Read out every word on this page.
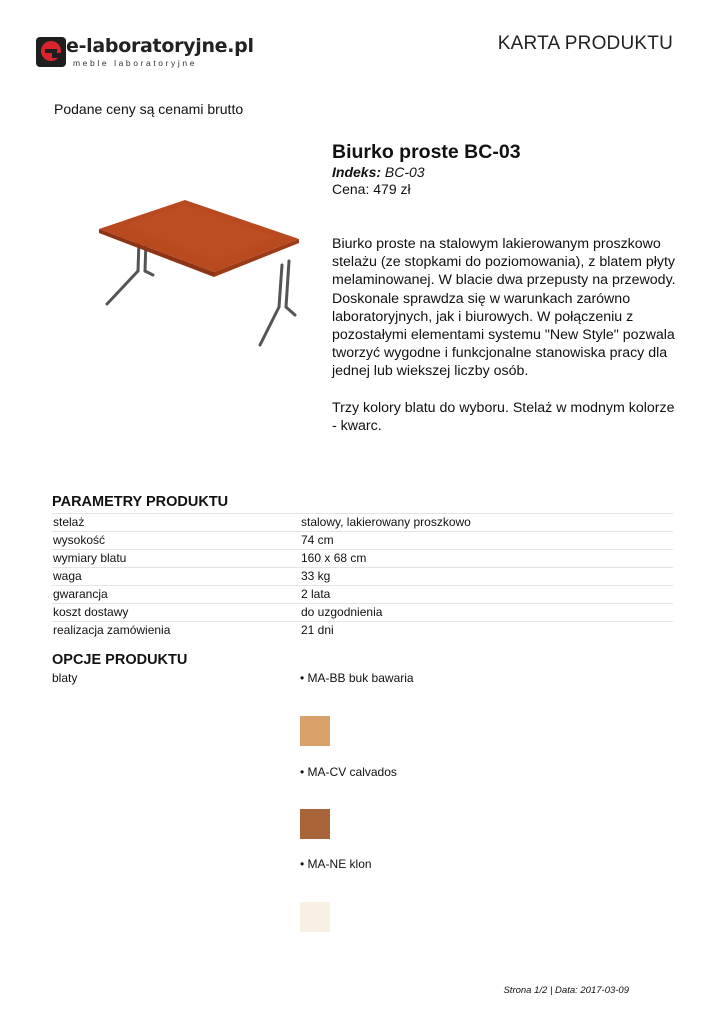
e-laboratoryjne.pl
meble laboratoryjne
KARTA PRODUKTU
Podane ceny są cenami brutto
Biurko proste BC-03
Indeks: BC-03
Cena: 479 zł

Biurko proste na stalowym lakierowanym proszkowo stelażu (ze stopkami do poziomowania), z blatem płyty melaminowanej. W blacie dwa przepusty na przewody. Doskonale sprawdza się w warunkach zarówno laboratoryjnych, jak i biurowych. W połączeniu z pozostałymi elementami systemu "New Style" pozwala tworzyć wygodne i funkcjonalne stanowiska pracy dla jednej lub wiekszej liczby osób.

Trzy kolory blatu do wyboru. Stelaż w modnym kolorze - kwarc.

PARAMETRY PRODUKTU
stelaż	stalowy, lakierowany proszkowo
wysokość	74 cm
wymiary blatu	160 x 68 cm
waga	33 kg
gwarancja	2 lata
koszt dostawy	do uzgodnienia
realizacja zamówienia	21 dni
OPCJE PRODUKTU
blaty	• MA-BB buk bawaria
• MA-CV calvados
• MA-NE klon
Strona 1/2 | Data: 2017-03-09
